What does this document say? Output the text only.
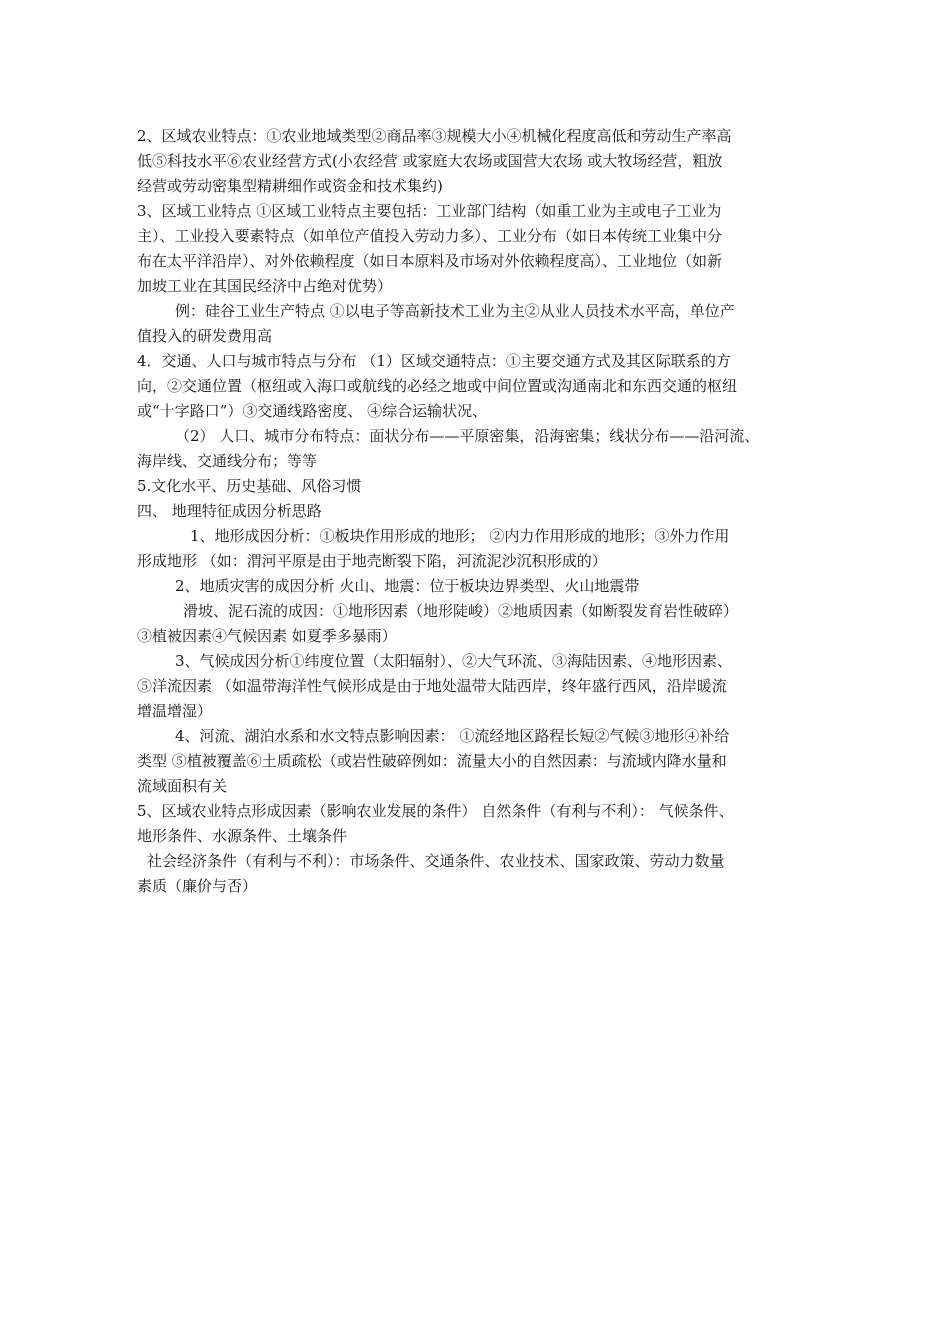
2、区域农业特点：①农业地域类型②商品率③规模大小④机械化程度高低和劳动生产率高
低⑤科技水平⑥农业经营方式(小农经营 或家庭大农场或国营大农场 或大牧场经营，粗放
经营或劳动密集型精耕细作或资金和技术集约)
3、区域工业特点 ①区域工业特点主要包括：工业部门结构（如重工业为主或电子工业为
主）、工业投入要素特点（如单位产值投入劳动力多）、工业分布（如日本传统工业集中分
布在太平洋沿岸）、对外依赖程度（如日本原料及市场对外依赖程度高）、工业地位（如新
加坡工业在其国民经济中占绝对优势）
例：硅谷工业生产特点 ①以电子等高新技术工业为主②从业人员技术水平高，单位产
值投入的研发费用高
4．交通、人口与城市特点与分布 （1）区域交通特点：①主要交通方式及其区际联系的方
向，②交通位置（枢纽或入海口或航线的必经之地或中间位置或沟通南北和东西交通的枢纽
或“十字路口”）③交通线路密度、 ④综合运输状况、
（2） 人口、城市分布特点：面状分布——平原密集，沿海密集；线状分布——沿河流、
海岸线、交通线分布；等等
5.文化水平、历史基础、风俗习惯
四、 地理特征成因分析思路
1、地形成因分析：①板块作用形成的地形； ②内力作用形成的地形；③外力作用
形成地形 （如：渭河平原是由于地壳断裂下陷，河流泥沙沉积形成的）
2、地质灾害的成因分析 火山、地震：位于板块边界类型、火山地震带
滑坡、泥石流的成因：①地形因素（地形陡峻）②地质因素（如断裂发育岩性破碎）
③植被因素④气候因素 如夏季多暴雨）
3、气候成因分析①纬度位置（太阳辐射）、②大气环流、③海陆因素、④地形因素、
⑤洋流因素 （如温带海洋性气候形成是由于地处温带大陆西岸，终年盛行西风，沿岸暖流
增温增湿）
4、河流、湖泊水系和水文特点影响因素： ①流经地区路程长短②气候③地形④补给
类型 ⑤植被覆盖⑥土质疏松（或岩性破碎例如：流量大小的自然因素：与流域内降水量和
流域面积有关
5、区域农业特点形成因素（影响农业发展的条件） 自然条件（有利与不利）： 气候条件、
地形条件、水源条件、土壤条件
社会经济条件（有利与不利）：市场条件、交通条件、农业技术、国家政策、劳动力数量
素质（廉价与否）
